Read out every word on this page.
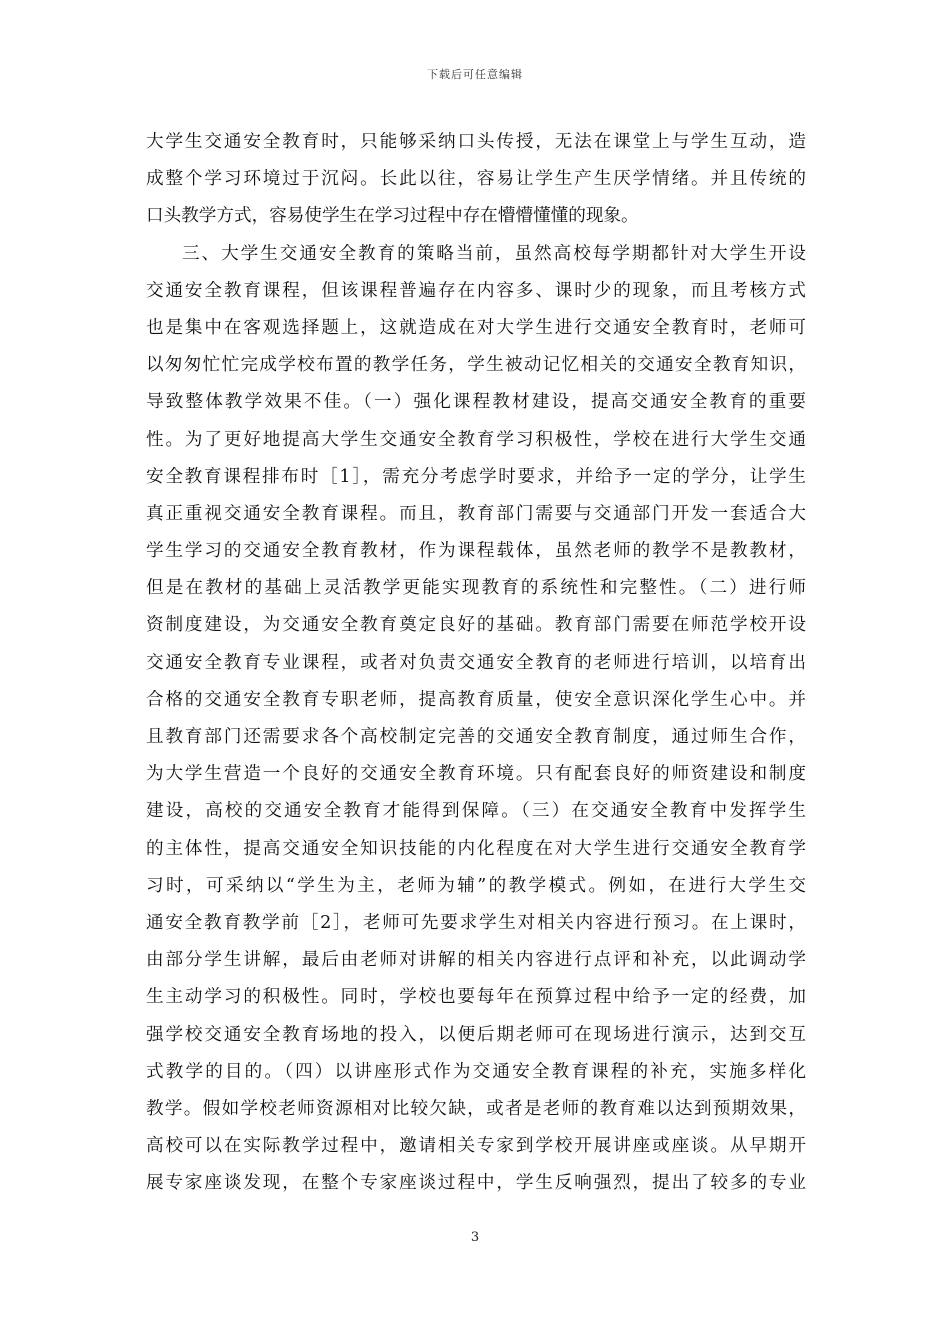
下载后可任意编辑
大学生交通安全教育时，只能够采纳口头传授，无法在课堂上与学生互动，造
成整个学习环境过于沉闷。长此以往，容易让学生产生厌学情绪。并且传统的
口头教学方式，容易使学生在学习过程中存在懵懵懂懂的现象。
三、大学生交通安全教育的策略当前，虽然高校每学期都针对大学生开设
交通安全教育课程，但该课程普遍存在内容多、课时少的现象，而且考核方式
也是集中在客观选择题上，这就造成在对大学生进行交通安全教育时，老师可
以匆匆忙忙完成学校布置的教学任务，学生被动记忆相关的交通安全教育知识，
导致整体教学效果不佳。（一）强化课程教材建设，提高交通安全教育的重要
性。为了更好地提高大学生交通安全教育学习积极性，学校在进行大学生交通
安全教育课程排布时［1］，需充分考虑学时要求，并给予一定的学分，让学生
真正重视交通安全教育课程。而且，教育部门需要与交通部门开发一套适合大
学生学习的交通安全教育教材，作为课程载体，虽然老师的教学不是教教材，
但是在教材的基础上灵活教学更能实现教育的系统性和完整性。（二）进行师
资制度建设，为交通安全教育奠定良好的基础。教育部门需要在师范学校开设
交通安全教育专业课程，或者对负责交通安全教育的老师进行培训，以培育出
合格的交通安全教育专职老师，提高教育质量，使安全意识深化学生心中。并
且教育部门还需要求各个高校制定完善的交通安全教育制度，通过师生合作，
为大学生营造一个良好的交通安全教育环境。只有配套良好的师资建设和制度
建设，高校的交通安全教育才能得到保障。（三）在交通安全教育中发挥学生
的主体性，提高交通安全知识技能的内化程度在对大学生进行交通安全教育学
习时，可采纳以“学生为主，老师为辅”的教学模式。例如，在进行大学生交
通安全教育教学前［2］，老师可先要求学生对相关内容进行预习。在上课时，
由部分学生讲解，最后由老师对讲解的相关内容进行点评和补充，以此调动学
生主动学习的积极性。同时，学校也要每年在预算过程中给予一定的经费，加
强学校交通安全教育场地的投入，以便后期老师可在现场进行演示，达到交互
式教学的目的。（四）以讲座形式作为交通安全教育课程的补充，实施多样化
教学。假如学校老师资源相对比较欠缺，或者是老师的教育难以达到预期效果，
高校可以在实际教学过程中，邀请相关专家到学校开展讲座或座谈。从早期开
展专家座谈发现，在整个专家座谈过程中，学生反响强烈，提出了较多的专业
3
